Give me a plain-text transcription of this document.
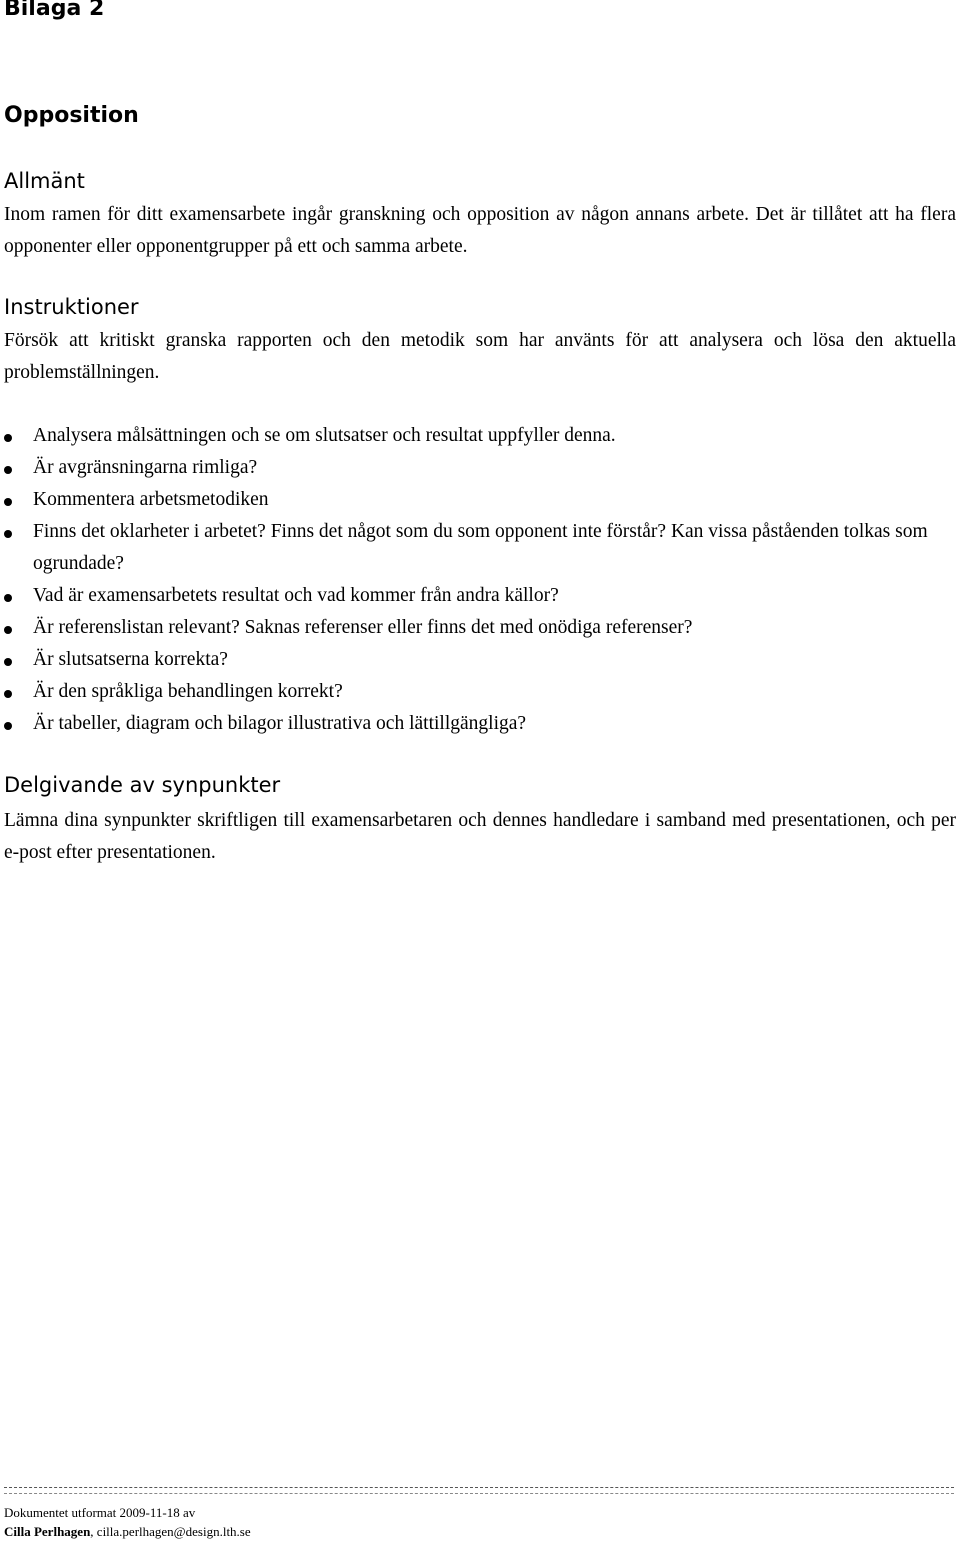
Bilaga 2
Opposition
Allmänt

Inom ramen för ditt examensarbete ingår granskning och opposition av någon annans arbete. Det är tillåtet att ha flera opponenter eller opponentgrupper på ett och samma arbete.

Instruktioner

Försök att kritiskt granska rapporten och den metodik som har använts för att analysera och lösa den aktuella problemställningen.

Analysera målsättningen och se om slutsatser och resultat uppfyller denna.
Är avgränsningarna rimliga?
Kommentera arbetsmetodiken
Finns det oklarheter i arbetet? Finns det något som du som opponent inte förstår? Kan vissa påståenden tolkas som ogrundade?
Vad är examensarbetets resultat och vad kommer från andra källor?
Är referenslistan relevant? Saknas referenser eller finns det med onödiga referenser?
Är slutsatserna korrekta?
Är den språkliga behandlingen korrekt?
Är tabeller, diagram och bilagor illustrativa och lättillgängliga?
Delgivande av synpunkter

Lämna dina synpunkter skriftligen till examensarbetaren och dennes handledare i samband med presentationen, och per e-post efter presentationen.

Dokumentet utformat 2009-11-18 av

Cilla Perlhagen, cilla.perlhagen@design.lth.se
